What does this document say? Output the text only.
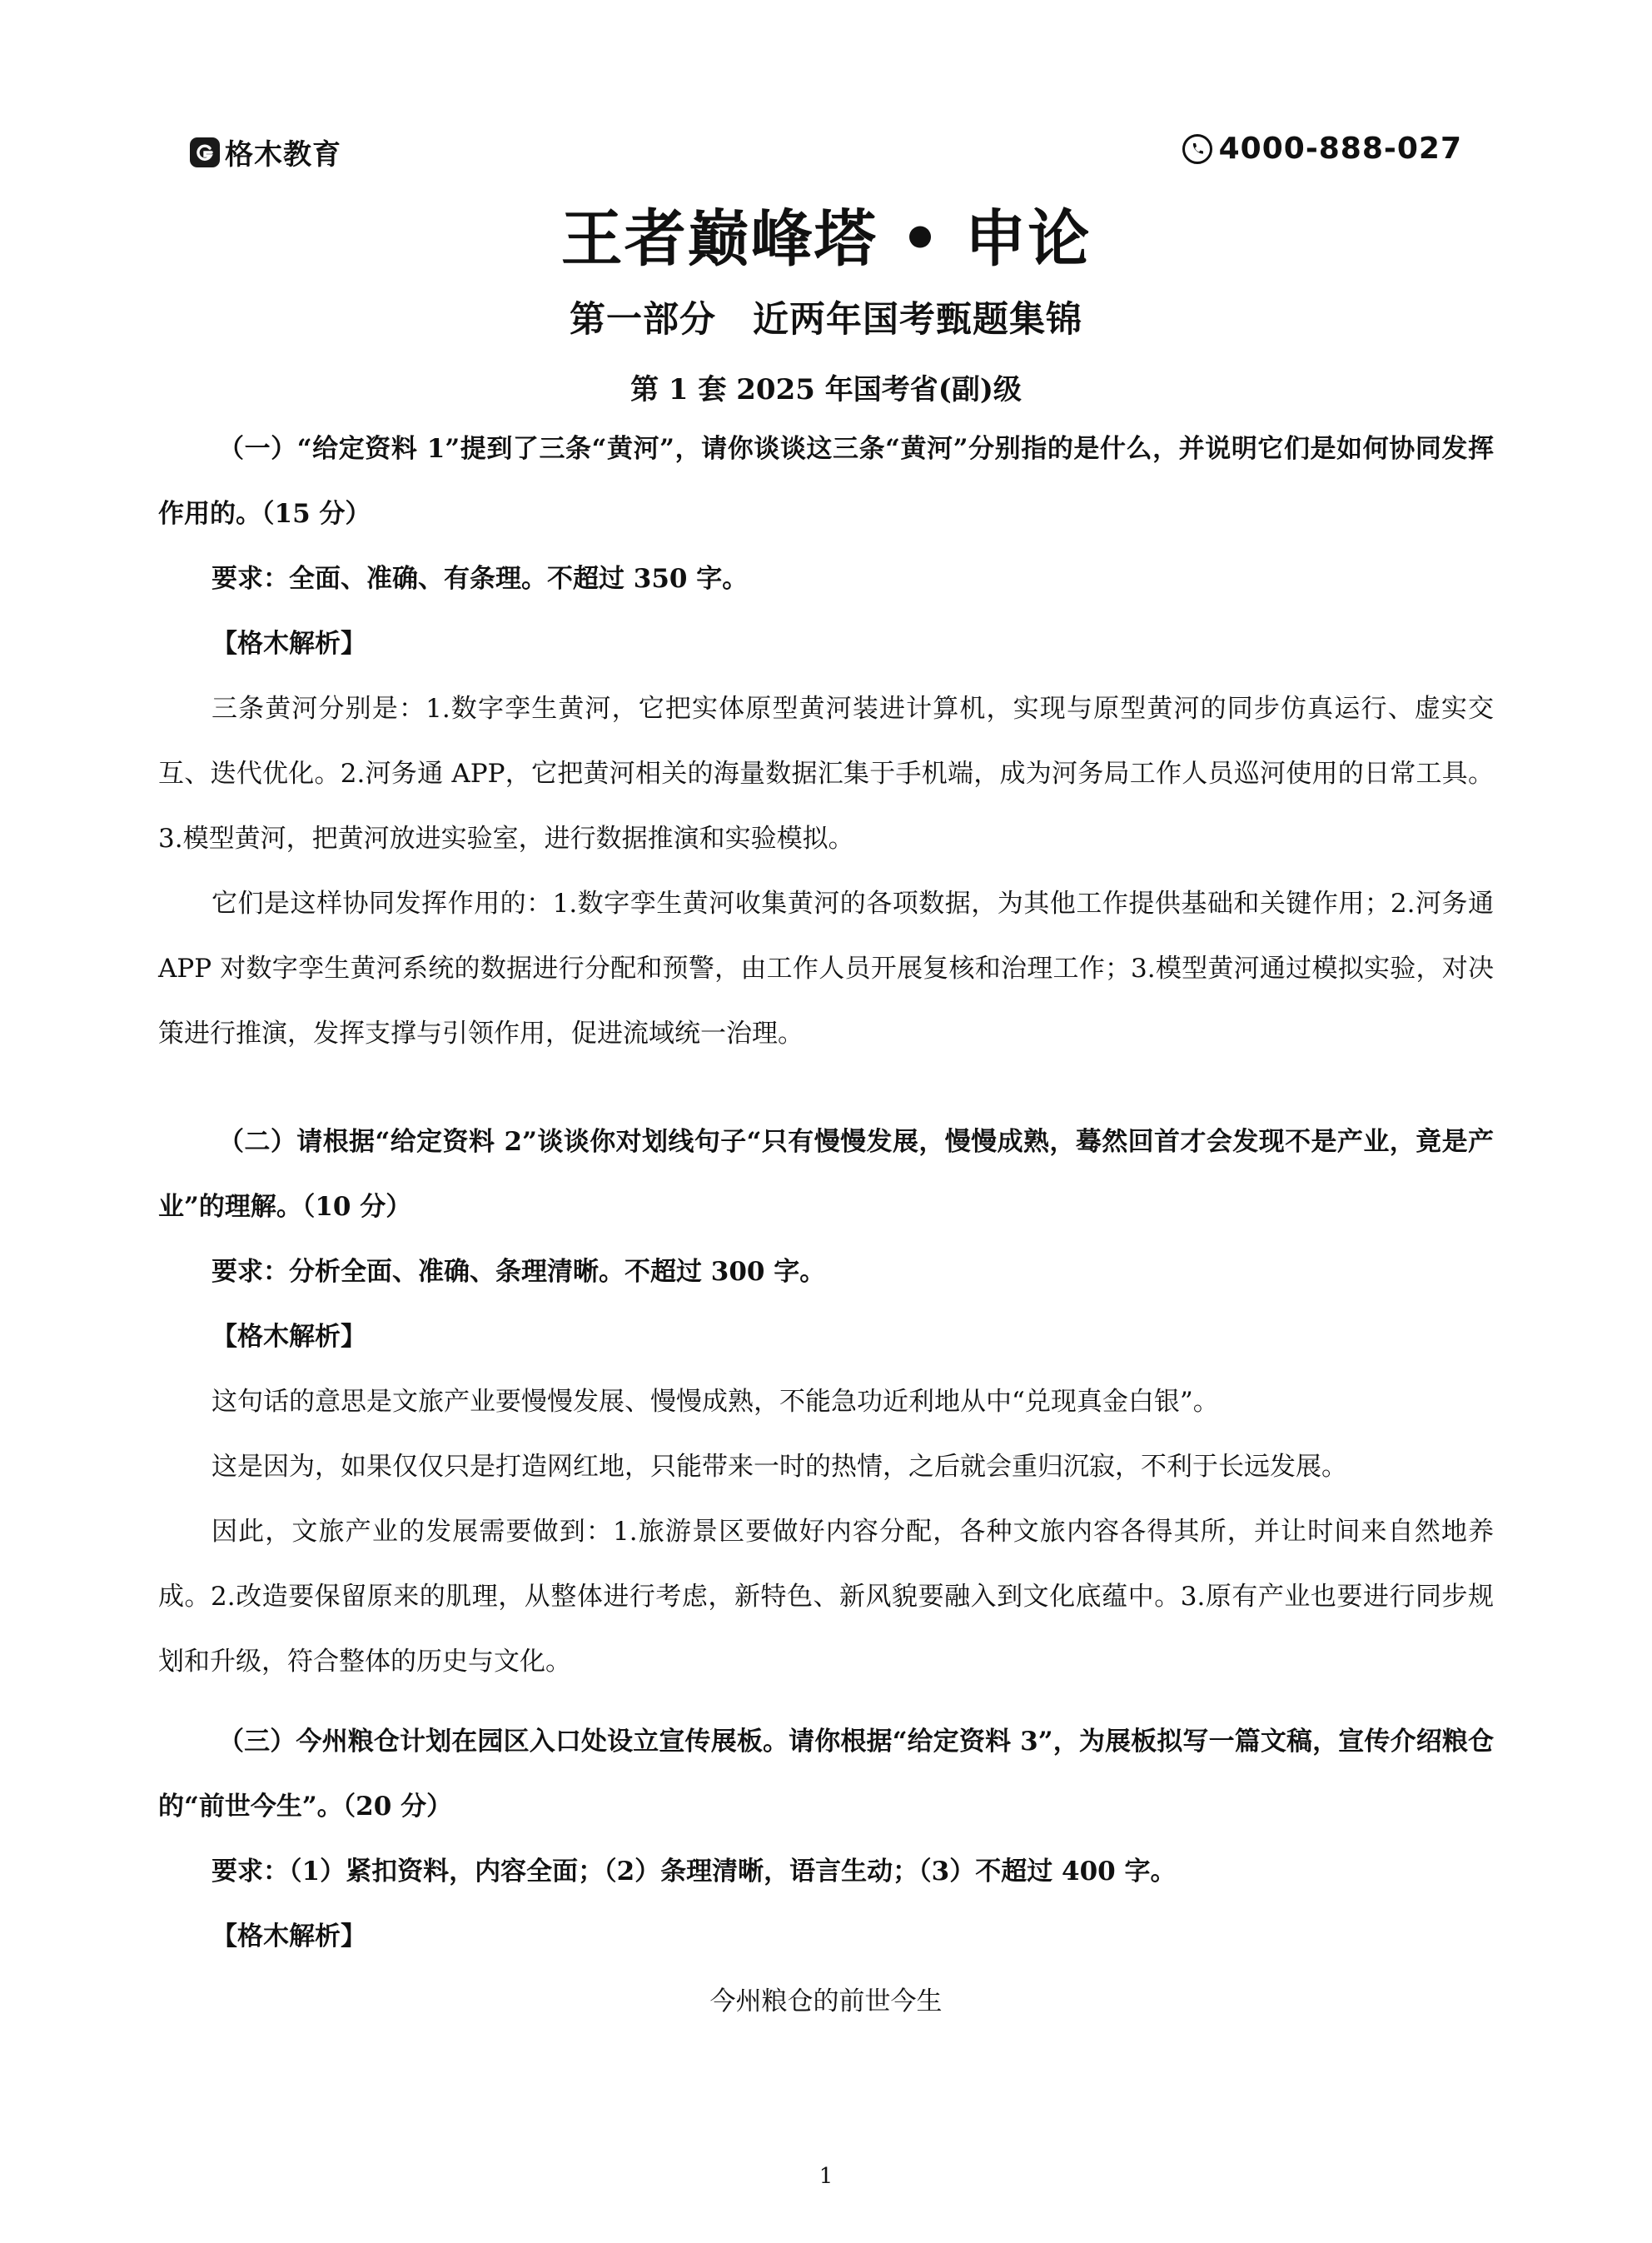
格木教育	4000-888-027
王者巅峰塔 • 申论
第一部分　近两年国考甄题集锦
第 1 套 2025 年国考省(副)级

（一）“给定资料 1”提到了三条“黄河”，请你谈谈这三条“黄河”分别指的是什么，并说明它们是如何协同发挥作用的。（15 分）

要求：全面、准确、有条理。不超过 350 字。

【格木解析】

三条黄河分别是：1.数字孪生黄河，它把实体原型黄河装进计算机，实现与原型黄河的同步仿真运行、虚实交互、迭代优化。2.河务通 APP，它把黄河相关的海量数据汇集于手机端，成为河务局工作人员巡河使用的日常工具。3.模型黄河，把黄河放进实验室，进行数据推演和实验模拟。

它们是这样协同发挥作用的：1.数字孪生黄河收集黄河的各项数据，为其他工作提供基础和关键作用；2.河务通 APP 对数字孪生黄河系统的数据进行分配和预警，由工作人员开展复核和治理工作；3.模型黄河通过模拟实验，对决策进行推演，发挥支撑与引领作用，促进流域统一治理。

（二）请根据“给定资料 2”谈谈你对划线句子“只有慢慢发展，慢慢成熟，蓦然回首才会发现不是产业，竟是产业”的理解。（10 分）

要求：分析全面、准确、条理清晰。不超过 300 字。

【格木解析】

这句话的意思是文旅产业要慢慢发展、慢慢成熟，不能急功近利地从中“兑现真金白银”。

这是因为，如果仅仅只是打造网红地，只能带来一时的热情，之后就会重归沉寂，不利于长远发展。

因此，文旅产业的发展需要做到：1.旅游景区要做好内容分配，各种文旅内容各得其所，并让时间来自然地养成。2.改造要保留原来的肌理，从整体进行考虑，新特色、新风貌要融入到文化底蕴中。3.原有产业也要进行同步规划和升级，符合整体的历史与文化。

（三）今州粮仓计划在园区入口处设立宣传展板。请你根据“给定资料 3”，为展板拟写一篇文稿，宣传介绍粮仓的“前世今生”。（20 分）

要求：（1）紧扣资料，内容全面；（2）条理清晰，语言生动；（3）不超过 400 字。

【格木解析】

今州粮仓的前世今生

1
